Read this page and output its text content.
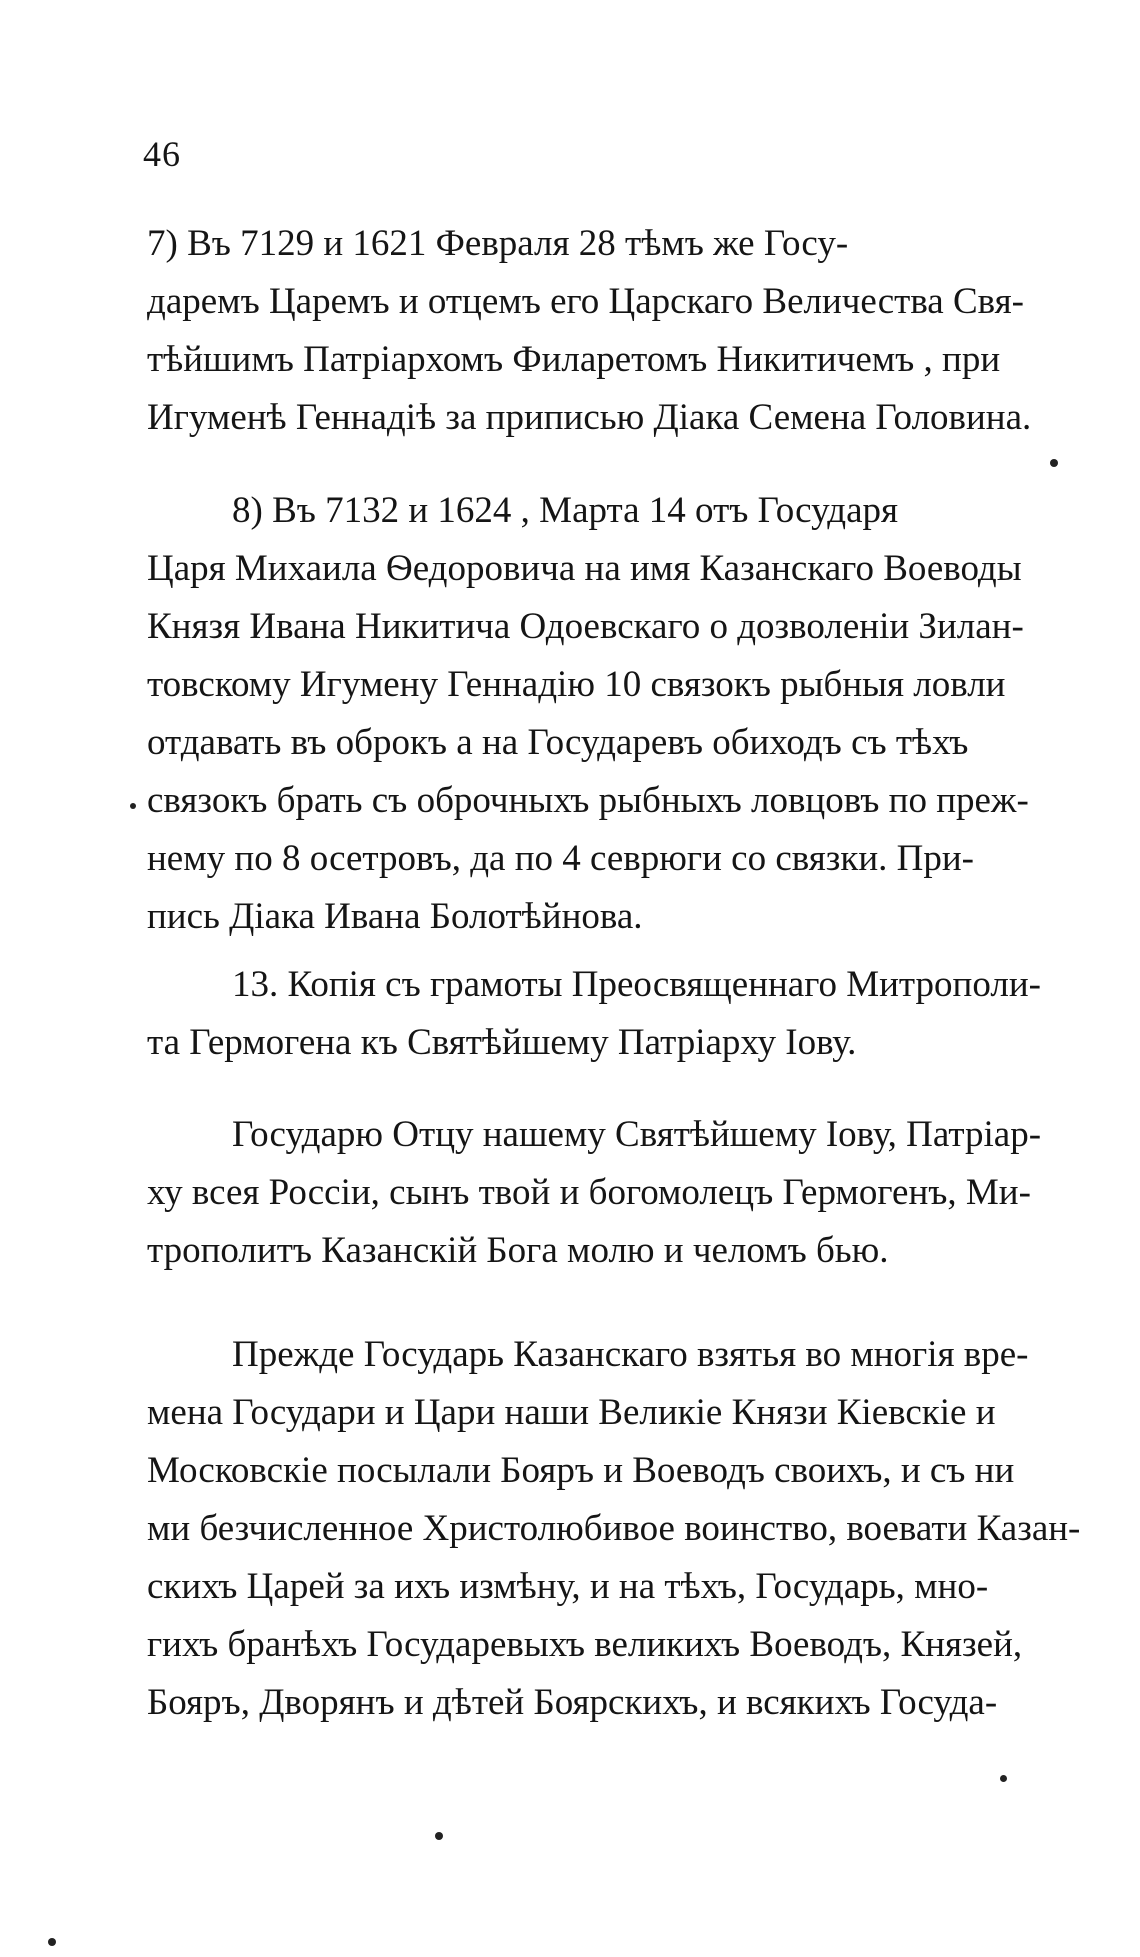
46
7) Въ 7129 и 1621 Февраля 28 тѣмъ же Госу-
даремъ Царемъ и отцемъ его Царскаго Величества Свя-
тѣйшимъ Патріархомъ Филаретомъ Никитичемъ , при
Игуменѣ Геннадіѣ за приписью Діака Семена Головина.
8) Въ 7132 и 1624 , Марта 14 отъ Государя
Царя Михаила Ѳедоровича на имя Казанскаго Воеводы
Князя Ивана Никитича Одоевскаго о дозволеніи Зилан-
товскому Игумену Геннадію 10 связокъ рыбныя ловли
отдавать въ оброкъ а на Государевъ обиходъ съ тѣхъ
связокъ брать съ оброчныхъ рыбныхъ ловцовъ по преж-
нему по 8 осетровъ, да по 4 севрюги со связки. При-
пись Діака Ивана Болотѣйнова.
13. Копія съ грамоты Преосвященнаго Митрополи-
та Гермогена къ Святѣйшему Патріарху Іову.
Государю Отцу нашему Святѣйшему Іову, Патріар-
ху всея Россіи, сынъ твой и богомолецъ Гермогенъ, Ми-
трополитъ Казанскій Бога молю и челомъ бью.
Прежде Государь Казанскаго взятья во многія вре-
мена Государи и Цари наши Великіе Князи Кіевскіе и
Московскіе посылали Бояръ и Воеводъ своихъ, и съ ни
ми безчисленное Христолюбивое воинство, воевати Казан-
скихъ Царей за ихъ измѣну, и на тѣхъ, Государь, мно-
гихъ бранѣхъ Государевыхъ великихъ Воеводъ, Князей,
Бояръ, Дворянъ и дѣтей Боярскихъ, и всякихъ Госуда-
